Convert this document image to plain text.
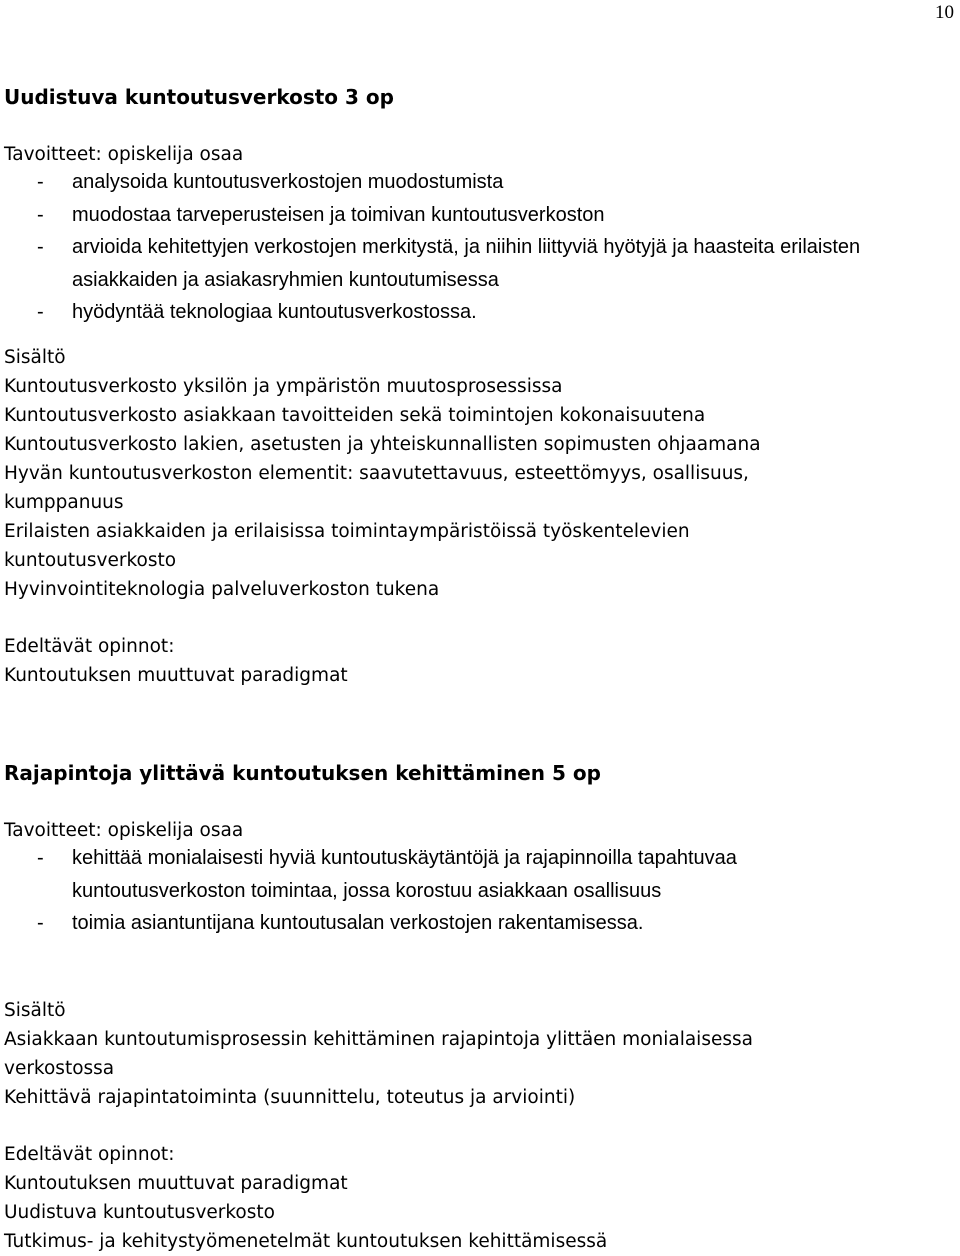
10
Uudistuva kuntoutusverkosto 3 op
Tavoitteet: opiskelija osaa
- analysoida kuntoutusverkostojen muodostumista
- muodostaa tarveperusteisen ja toimivan kuntoutusverkoston
- arvioida kehitettyjen verkostojen merkitystä, ja niihin liittyviä hyötyjä ja haasteita erilaisten asiakkaiden ja asiakasryhmien kuntoutumisessa
- hyödyntää teknologiaa kuntoutusverkostossa.
Sisältö
Kuntoutusverkosto yksilön ja ympäristön muutosprosessissa
Kuntoutusverkosto asiakkaan tavoitteiden sekä toimintojen kokonaisuutena
Kuntoutusverkosto lakien, asetusten ja yhteiskunnallisten sopimusten ohjaamana
Hyvän kuntoutusverkoston elementit: saavutettavuus, esteettömyys, osallisuus,
kumppanuus
Erilaisten asiakkaiden ja erilaisissa toimintaympäristöissä työskentelevien
kuntoutusverkosto
Hyvinvointiteknologia palveluverkoston tukena
Edeltävät opinnot:
Kuntoutuksen muuttuvat paradigmat
Rajapintoja ylittävä kuntoutuksen kehittäminen 5 op
Tavoitteet: opiskelija osaa
- kehittää monialaisesti hyviä kuntoutuskäytäntöjä ja rajapinnoilla tapahtuvaa kuntoutusverkoston toimintaa, jossa korostuu asiakkaan osallisuus
- toimia asiantuntijana kuntoutusalan verkostojen rakentamisessa.
Sisältö
Asiakkaan kuntoutumisprosessin kehittäminen rajapintoja ylittäen monialaisessa
verkostossa
Kehittävä rajapintatoiminta (suunnittelu, toteutus ja arviointi)
Edeltävät opinnot:
Kuntoutuksen muuttuvat paradigmat
Uudistuva kuntoutusverkosto
Tutkimus- ja kehitystyömenetelmät kuntoutuksen kehittämisessä
